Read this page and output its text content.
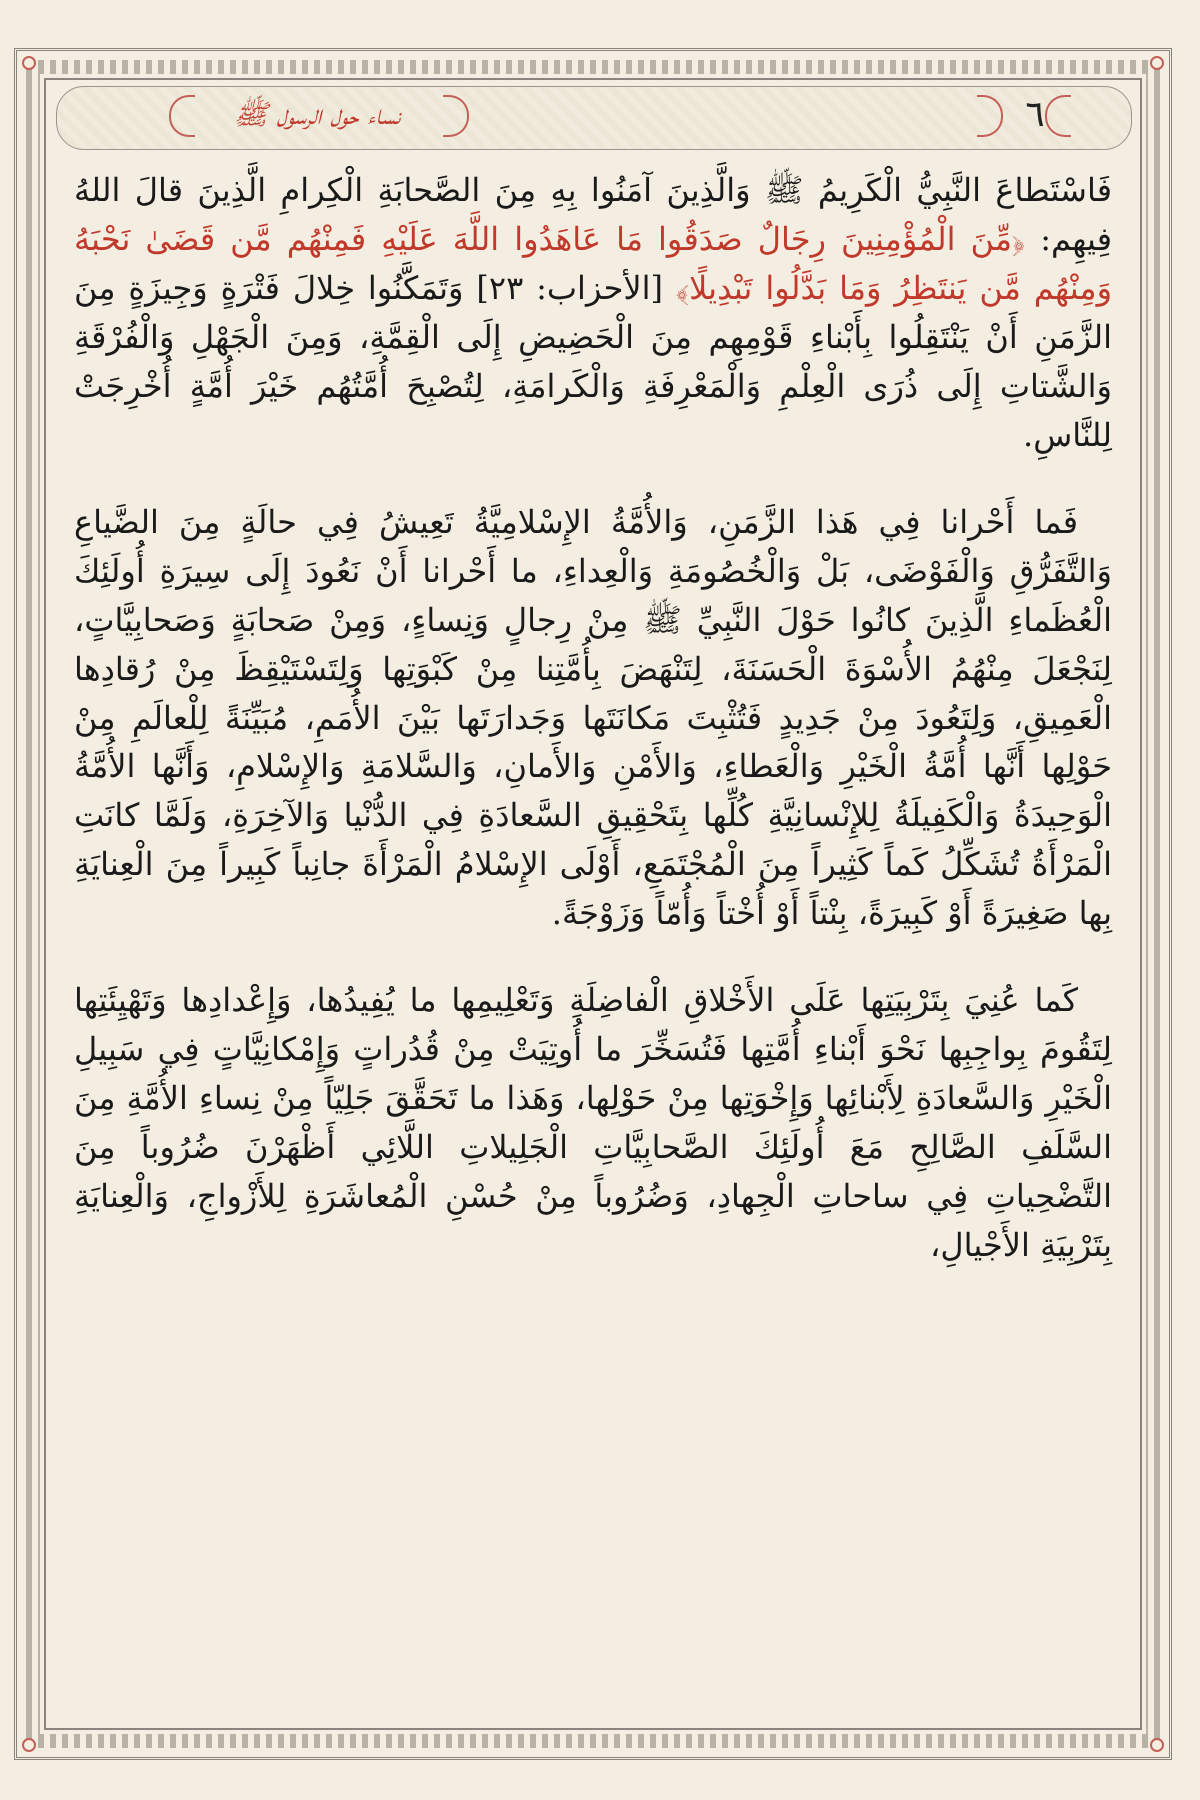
٦
نساء حول الرسول ﷺ

فَاسْتَطاعَ النَّبِيُّ الْكَرِيمُ ﷺ وَالَّذِينَ آمَنُوا بِهِ مِنَ الصَّحابَةِ الْكِرامِ الَّذِينَ قالَ اللهُ فِيهِم: ﴿مِّنَ الْمُؤْمِنِينَ رِجَالٌ صَدَقُوا مَا عَاهَدُوا اللَّهَ عَلَيْهِ فَمِنْهُم مَّن قَضَىٰ نَحْبَهُ وَمِنْهُم مَّن يَنتَظِرُ وَمَا بَدَّلُوا تَبْدِيلًا﴾ [الأحزاب: ٢٣] وَتَمَكَّنُوا خِلالَ فَتْرَةٍ وَجِيزَةٍ مِنَ الزَّمَنِ أَنْ يَنْتَقِلُوا بِأَبْناءِ قَوْمِهِم مِنَ الْحَضِيضِ إِلَى الْقِمَّةِ، وَمِنَ الْجَهْلِ وَالْفُرْقَةِ وَالشَّتاتِ إِلَى ذُرَى الْعِلْمِ وَالْمَعْرِفَةِ وَالْكَرامَةِ، لِتُصْبِحَ أُمَّتُهُم خَيْرَ أُمَّةٍ أُخْرِجَتْ لِلنَّاسِ.

فَما أَحْرانا فِي هَذا الزَّمَنِ، وَالأُمَّةُ الإِسْلامِيَّةُ تَعِيشُ فِي حالَةٍ مِنَ الضَّياعِ وَالتَّفَرُّقِ وَالْفَوْضَى، بَلْ وَالْخُصُومَةِ وَالْعِداءِ، ما أَحْرانا أَنْ نَعُودَ إِلَى سِيرَةِ أُولَئِكَ الْعُظَماءِ الَّذِينَ كانُوا حَوْلَ النَّبِيِّ ﷺ مِنْ رِجالٍ وَنِساءٍ، وَمِنْ صَحابَةٍ وَصَحابِيَّاتٍ، لِنَجْعَلَ مِنْهُمُ الأُسْوَةَ الْحَسَنَةَ، لِتَنْهَضَ بِأُمَّتِنا مِنْ كَبْوَتِها وَلِتَسْتَيْقِظَ مِنْ رُقادِها الْعَمِيقِ، وَلِتَعُودَ مِنْ جَدِيدٍ فَتُثْبِتَ مَكانَتَها وَجَدارَتَها بَيْنَ الأُمَمِ، مُبَيِّنَةً لِلْعالَمِ مِنْ حَوْلِها أَنَّها أُمَّةُ الْخَيْرِ وَالْعَطاءِ، وَالأَمْنِ وَالأَمانِ، وَالسَّلامَةِ وَالإِسْلامِ، وَأَنَّها الأُمَّةُ الْوَحِيدَةُ وَالْكَفِيلَةُ لِلإِنْسانِيَّةِ كُلِّها بِتَحْقِيقِ السَّعادَةِ فِي الدُّنْيا وَالآخِرَةِ، وَلَمَّا كانَتِ الْمَرْأَةُ تُشَكِّلُ كَماً كَثِيراً مِنَ الْمُجْتَمَعِ، أَوْلَى الإِسْلامُ الْمَرْأَةَ جانِباً كَبِيراً مِنَ الْعِنايَةِ بِها صَغِيرَةً أَوْ كَبِيرَةً، بِنْتاً أَوْ أُخْتاً وَأُمّاً وَزَوْجَةً.

كَما عُنِيَ بِتَرْبِيَتِها عَلَى الأَخْلاقِ الْفاضِلَةِ وَتَعْلِيمِها ما يُفِيدُها، وَإِعْدادِها وَتَهْيِئَتِها لِتَقُومَ بِواجِبِها نَحْوَ أَبْناءِ أُمَّتِها فَتُسَخِّرَ ما أُوتِيَتْ مِنْ قُدُراتٍ وَإِمْكانِيَّاتٍ فِي سَبِيلِ الْخَيْرِ وَالسَّعادَةِ لِأَبْنائِها وَإِخْوَتِها مِنْ حَوْلِها، وَهَذا ما تَحَقَّقَ جَلِيّاً مِنْ نِساءِ الأُمَّةِ مِنَ السَّلَفِ الصَّالِحِ مَعَ أُولَئِكَ الصَّحابِيَّاتِ الْجَلِيلاتِ اللَّائِي أَظْهَرْنَ ضُرُوباً مِنَ التَّضْحِياتِ فِي ساحاتِ الْجِهادِ، وَضُرُوباً مِنْ حُسْنِ الْمُعاشَرَةِ لِلأَزْواجِ، وَالْعِنايَةِ بِتَرْبِيَةِ الأَجْيالِ،
